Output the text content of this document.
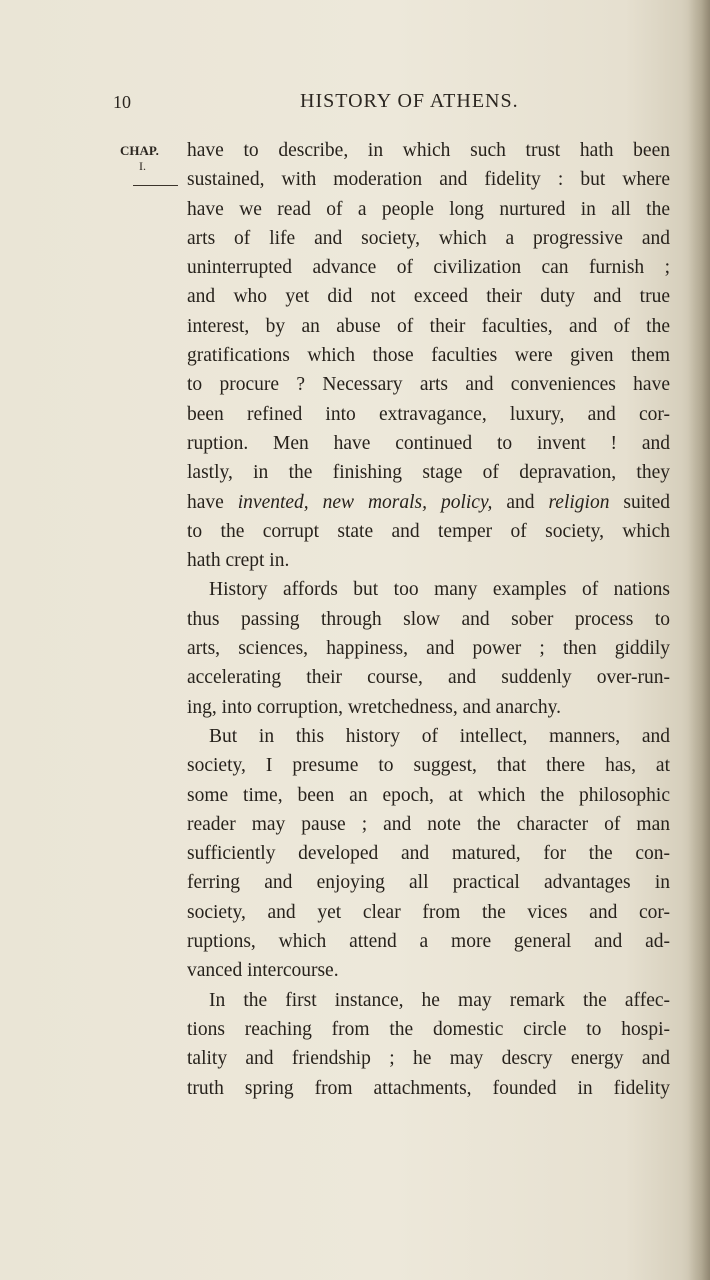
10	HISTORY OF ATHENS.
CHAP.
I.
have to describe, in which such trust hath been
sustained, with moderation and fidelity : but where
have we read of a people long nurtured in all the
arts of life and society, which a progressive and
uninterrupted advance of civilization can furnish ;
and who yet did not exceed their duty and true
interest, by an abuse of their faculties, and of the
gratifications which those faculties were given them
to procure ? Necessary arts and conveniences have
been refined into extravagance, luxury, and cor-
ruption. Men have continued to invent ! and
lastly, in the finishing stage of depravation, they
have invented, new morals, policy, and religion suited
to the corrupt state and temper of society, which
hath crept in.
History affords but too many examples of nations
thus passing through slow and sober process to
arts, sciences, happiness, and power ; then giddily
accelerating their course, and suddenly over-run-
ing, into corruption, wretchedness, and anarchy.
But in this history of intellect, manners, and
society, I presume to suggest, that there has, at
some time, been an epoch, at which the philosophic
reader may pause ; and note the character of man
sufficiently developed and matured, for the con-
ferring and enjoying all practical advantages in
society, and yet clear from the vices and cor-
ruptions, which attend a more general and ad-
vanced intercourse.
In the first instance, he may remark the affec-
tions reaching from the domestic circle to hospi-
tality and friendship ; he may descry energy and
truth spring from attachments, founded in fidelity
